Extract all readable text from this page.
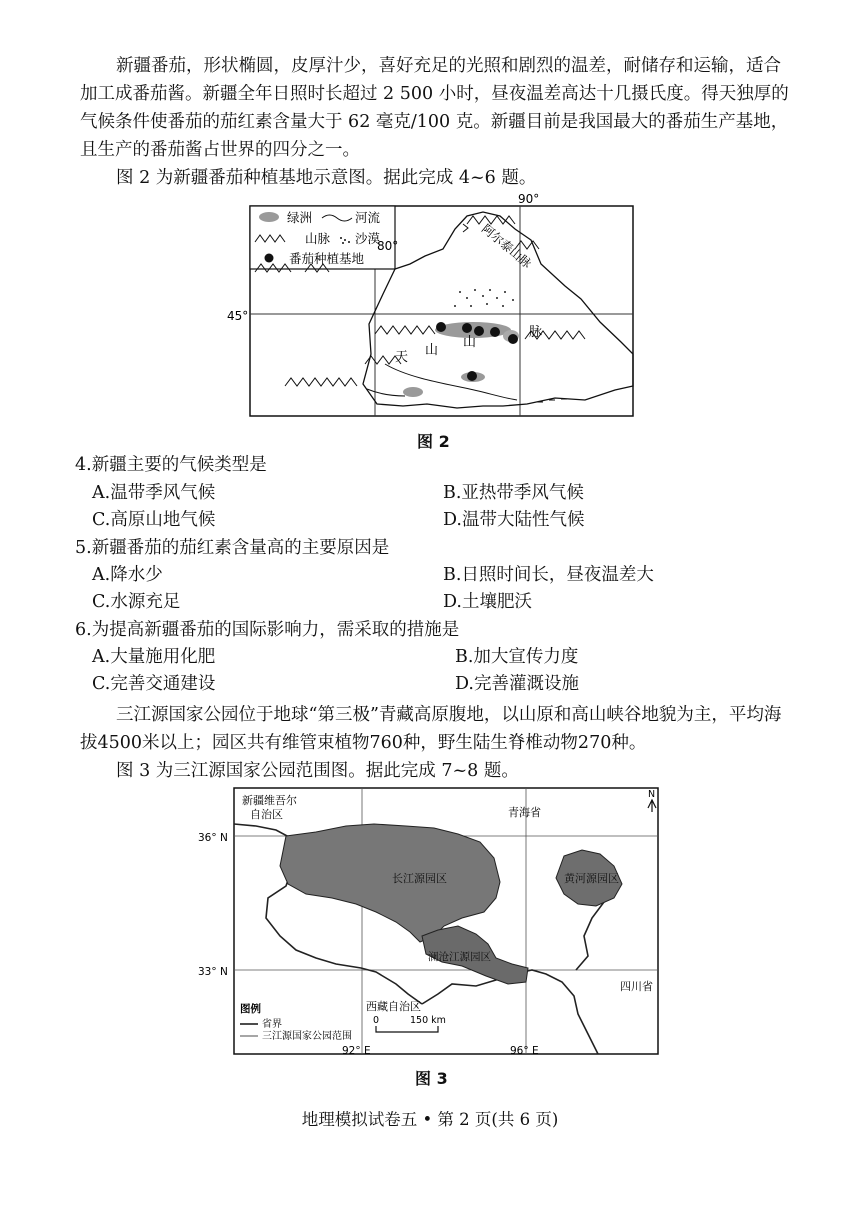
新疆番茄，形状椭圆，皮厚汁少，喜好充足的光照和剧烈的温差，耐储存和运输，适合加工成番茄酱。新疆全年日照时长超过 2 500 小时，昼夜温差高达十几摄氏度。得天独厚的气候条件使番茄的茄红素含量大于 62 毫克/100 克。新疆目前是我国最大的番茄生产基地，且生产的番茄酱占世界的四分之一。

图 2 为新疆番茄种植基地示意图。据此完成 4~6 题。

绿洲	河流
山脉 沙漠
番茄种植基地
90°
80°
45°
阿尔泰山脉
天 山
山
脉
图 2

4.新疆主要的气候类型是

A.温带季风气候	B.亚热带季风气候

C.高原山地气候	D.温带大陆性气候

5.新疆番茄的茄红素含量高的主要原因是

A.降水少	B.日照时间长，昼夜温差大

C.水源充足	D.土壤肥沃

6.为提高新疆番茄的国际影响力，需采取的措施是

A.大量施用化肥	B.加大宣传力度

C.完善交通建设	D.完善灌溉设施

三江源国家公园位于地球“第三极”青藏高原腹地，以山原和高山峡谷地貌为主，平均海拔4500米以上；园区共有维管束植物760种，野生陆生脊椎动物270种。

图 3 为三江源国家公园范围图。据此完成 7~8 题。

新疆维吾尔
自治区	青海省
长江源园区	黄河源园区
澜沧江源园区
西藏自治区
四川省
36° N
33° N
92° E	96° E
N
图例
省界
三江源国家公园范围
0	150 km
图 3
地理模拟试卷五 • 第 2 页(共 6 页)
